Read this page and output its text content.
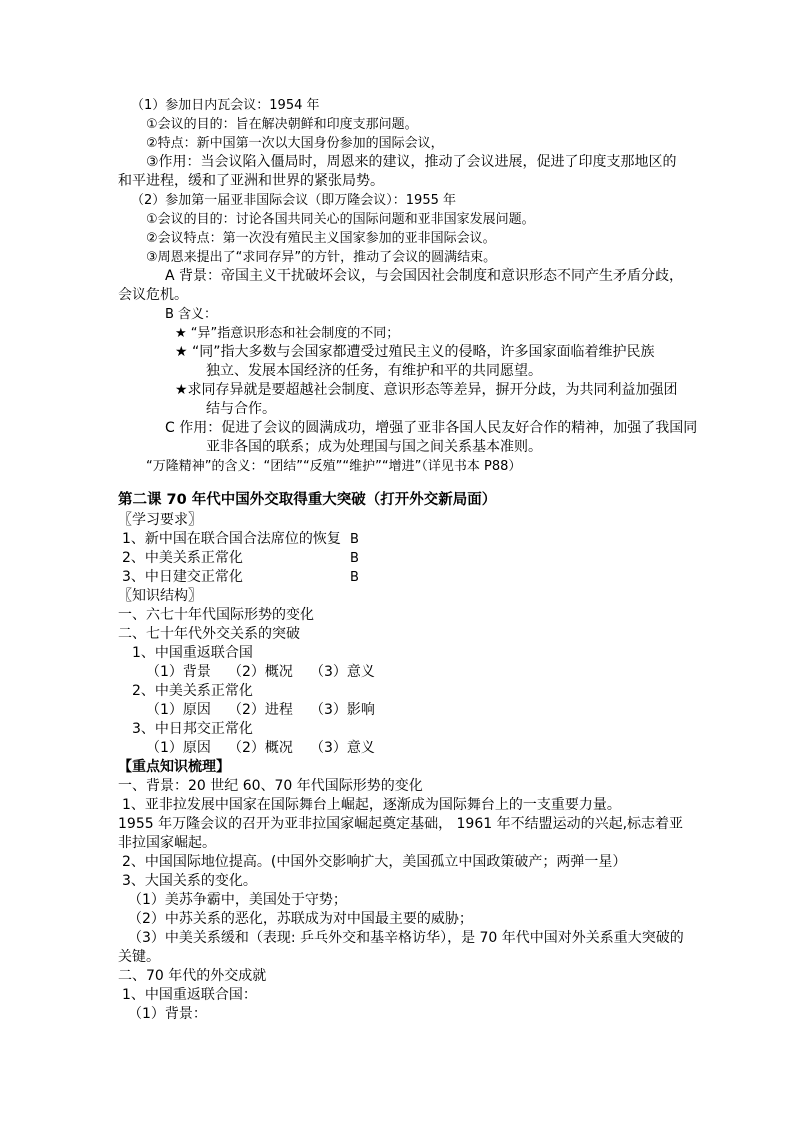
（1）参加日内瓦会议：1954 年
①会议的目的：旨在解决朝鲜和印度支那问题。
②特点：新中国第一次以大国身份参加的国际会议，
③作用：当会议陷入僵局时，周恩来的建议，推动了会议进展，促进了印度支那地区的
和平进程，缓和了亚洲和世界的紧张局势。
（2）参加第一届亚非国际会议（即万隆会议）：1955 年
①会议的目的：讨论各国共同关心的国际问题和亚非国家发展问题。
②会议特点：第一次没有殖民主义国家参加的亚非国际会议。
③周恩来提出了“求同存异”的方针，推动了会议的圆满结束。
A 背景：帝国主义干扰破坏会议，与会国因社会制度和意识形态不同产生矛盾分歧，
会议危机。
B 含义：
★ “异”指意识形态和社会制度的不同；
★ “同”指大多数与会国家都遭受过殖民主义的侵略，许多国家面临着维护民族
独立、发展本国经济的任务，有维护和平的共同愿望。
★求同存异就是要超越社会制度、意识形态等差异，摒开分歧，为共同利益加强团
结与合作。
C 作用：促进了会议的圆满成功，增强了亚非各国人民友好合作的精神，加强了我国同
亚非各国的联系；成为处理国与国之间关系基本准则。
“万隆精神”的含义：“团结”“反殖”“维护”“增进”（详见书本 P88）
第二课 70 年代中国外交取得重大突破（打开外交新局面）
〖学习要求〗
1、新中国在联合国合法席位的恢复 B
2、中美关系正常化	B
3、中日建交正常化	B
〖知识结构〗
一、六七十年代国际形势的变化
二、七十年代外交关系的突破
1、中国重返联合国
（1）背景 （2）概况 （3）意义
2、中美关系正常化
（1）原因 （2）进程 （3）影响
3、中日邦交正常化
（1）原因 （2）概况 （3）意义
【重点知识梳理】
一、背景：20 世纪 60、70 年代国际形势的变化
1、亚非拉发展中国家在国际舞台上崛起，逐渐成为国际舞台上的一支重要力量。
1955 年万隆会议的召开为亚非拉国家崛起奠定基础， 1961 年不结盟运动的兴起,标志着亚
非拉国家崛起。
2、中国国际地位提高。(中国外交影响扩大，美国孤立中国政策破产；两弹一星）
3、大国关系的变化。
（1）美苏争霸中，美国处于守势；
（2）中苏关系的恶化，苏联成为对中国最主要的威胁；
（3）中美关系缓和（表现: 乒乓外交和基辛格访华），是 70 年代中国对外关系重大突破的
关键。
二、70 年代的外交成就
1、中国重返联合国：
（1）背景：
